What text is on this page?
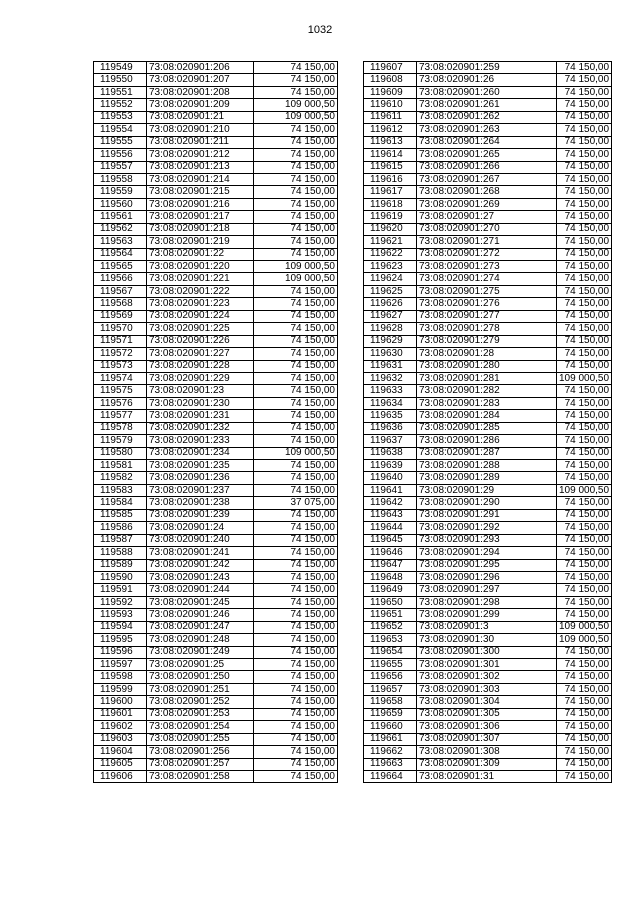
1032
119549	73:08:020901:206	74 150,00
119550	73:08:020901:207	74 150,00
119551	73:08:020901:208	74 150,00
119552	73:08:020901:209	109 000,50
119553	73:08:020901:21	109 000,50
119554	73:08:020901:210	74 150,00
119555	73:08:020901:211	74 150,00
119556	73:08:020901:212	74 150,00
119557	73:08:020901:213	74 150,00
119558	73:08:020901:214	74 150,00
119559	73:08:020901:215	74 150,00
119560	73:08:020901:216	74 150,00
119561	73:08:020901:217	74 150,00
119562	73:08:020901:218	74 150,00
119563	73:08:020901:219	74 150,00
119564	73:08:020901:22	74 150,00
119565	73:08:020901:220	109 000,50
119566	73:08:020901:221	109 000,50
119567	73:08:020901:222	74 150,00
119568	73:08:020901:223	74 150,00
119569	73:08:020901:224	74 150,00
119570	73:08:020901:225	74 150,00
119571	73:08:020901:226	74 150,00
119572	73:08:020901:227	74 150,00
119573	73:08:020901:228	74 150,00
119574	73:08:020901:229	74 150,00
119575	73:08:020901:23	74 150,00
119576	73:08:020901:230	74 150,00
119577	73:08:020901:231	74 150,00
119578	73:08:020901:232	74 150,00
119579	73:08:020901:233	74 150,00
119580	73:08:020901:234	109 000,50
119581	73:08:020901:235	74 150,00
119582	73:08:020901:236	74 150,00
119583	73:08:020901:237	74 150,00
119584	73:08:020901:238	37 075,00
119585	73:08:020901:239	74 150,00
119586	73:08:020901:24	74 150,00
119587	73:08:020901:240	74 150,00
119588	73:08:020901:241	74 150,00
119589	73:08:020901:242	74 150,00
119590	73:08:020901:243	74 150,00
119591	73:08:020901:244	74 150,00
119592	73:08:020901:245	74 150,00
119593	73:08:020901:246	74 150,00
119594	73:08:020901:247	74 150,00
119595	73:08:020901:248	74 150,00
119596	73:08:020901:249	74 150,00
119597	73:08:020901:25	74 150,00
119598	73:08:020901:250	74 150,00
119599	73:08:020901:251	74 150,00
119600	73:08:020901:252	74 150,00
119601	73:08:020901:253	74 150,00
119602	73:08:020901:254	74 150,00
119603	73:08:020901:255	74 150,00
119604	73:08:020901:256	74 150,00
119605	73:08:020901:257	74 150,00
119606	73:08:020901:258	74 150,00
119607	73:08:020901:259	74 150,00
119608	73:08:020901:26	74 150,00
119609	73:08:020901:260	74 150,00
119610	73:08:020901:261	74 150,00
119611	73:08:020901:262	74 150,00
119612	73:08:020901:263	74 150,00
119613	73:08:020901:264	74 150,00
119614	73:08:020901:265	74 150,00
119615	73:08:020901:266	74 150,00
119616	73:08:020901:267	74 150,00
119617	73:08:020901:268	74 150,00
119618	73:08:020901:269	74 150,00
119619	73:08:020901:27	74 150,00
119620	73:08:020901:270	74 150,00
119621	73:08:020901:271	74 150,00
119622	73:08:020901:272	74 150,00
119623	73:08:020901:273	74 150,00
119624	73:08:020901:274	74 150,00
119625	73:08:020901:275	74 150,00
119626	73:08:020901:276	74 150,00
119627	73:08:020901:277	74 150,00
119628	73:08:020901:278	74 150,00
119629	73:08:020901:279	74 150,00
119630	73:08:020901:28	74 150,00
119631	73:08:020901:280	74 150,00
119632	73:08:020901:281	109 000,50
119633	73:08:020901:282	74 150,00
119634	73:08:020901:283	74 150,00
119635	73:08:020901:284	74 150,00
119636	73:08:020901:285	74 150,00
119637	73:08:020901:286	74 150,00
119638	73:08:020901:287	74 150,00
119639	73:08:020901:288	74 150,00
119640	73:08:020901:289	74 150,00
119641	73:08:020901:29	109 000,50
119642	73:08:020901:290	74 150,00
119643	73:08:020901:291	74 150,00
119644	73:08:020901:292	74 150,00
119645	73:08:020901:293	74 150,00
119646	73:08:020901:294	74 150,00
119647	73:08:020901:295	74 150,00
119648	73:08:020901:296	74 150,00
119649	73:08:020901:297	74 150,00
119650	73:08:020901:298	74 150,00
119651	73:08:020901:299	74 150,00
119652	73:08:020901:3	109 000,50
119653	73:08:020901:30	109 000,50
119654	73:08:020901:300	74 150,00
119655	73:08:020901:301	74 150,00
119656	73:08:020901:302	74 150,00
119657	73:08:020901:303	74 150,00
119658	73:08:020901:304	74 150,00
119659	73:08:020901:305	74 150,00
119660	73:08:020901:306	74 150,00
119661	73:08:020901:307	74 150,00
119662	73:08:020901:308	74 150,00
119663	73:08:020901:309	74 150,00
119664	73:08:020901:31	74 150,00
